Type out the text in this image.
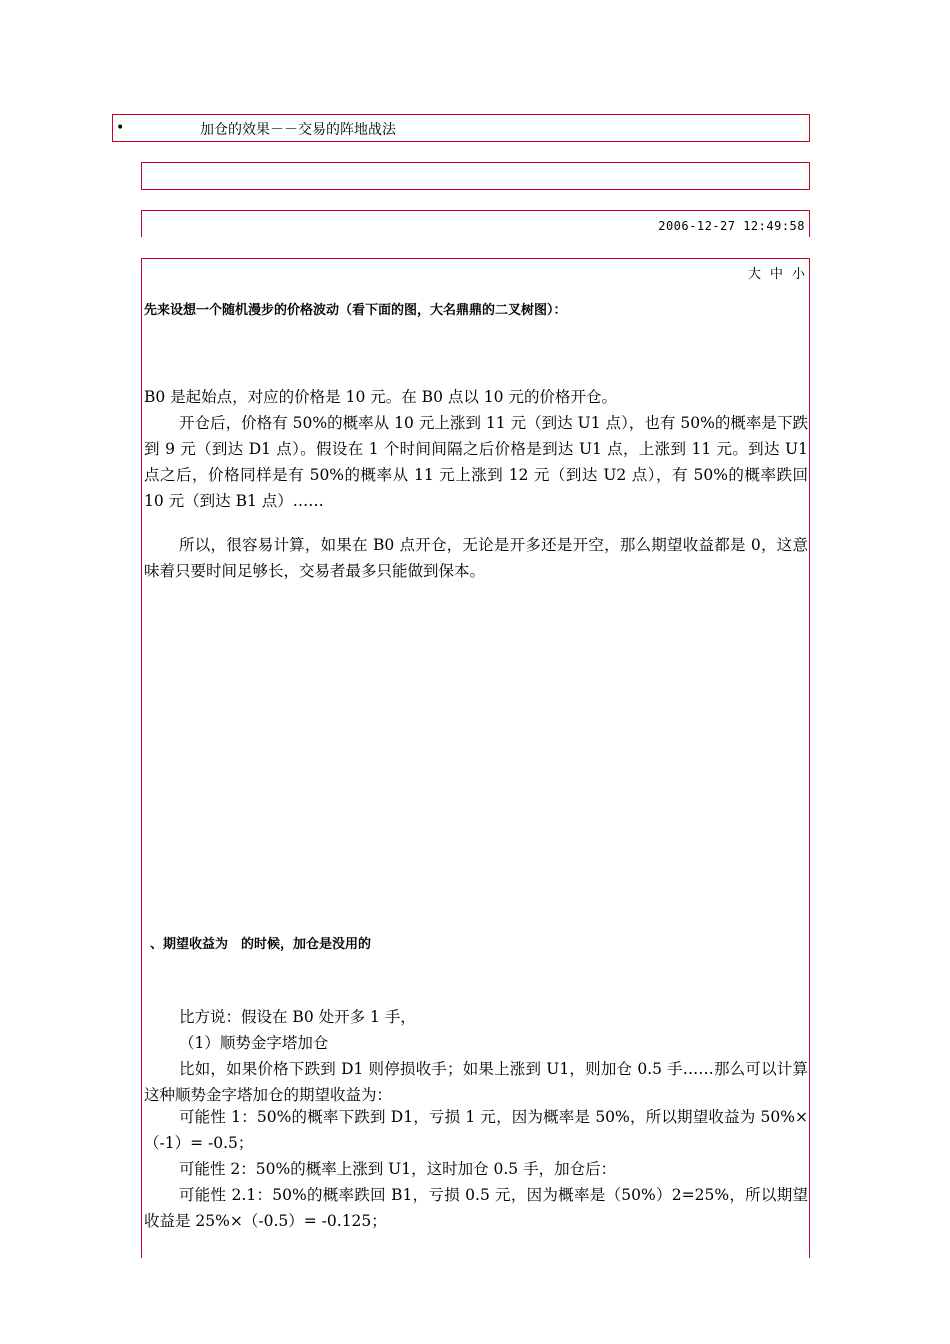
•	加仓的效果－－交易的阵地战法
2006-12-27 12:49:58
大 中 小
先来设想一个随机漫步的价格波动（看下面的图，大名鼎鼎的二叉树图）：

B0 是起始点，对应的价格是 10 元。在 B0 点以 10 元的价格开仓。

开仓后，价格有 50%的概率从 10 元上涨到 11 元（到达 U1 点），也有 50%的概率是下跌到 9 元（到达 D1 点）。假设在 1 个时间间隔之后价格是到达 U1 点，上涨到 11 元。到达 U1 点之后，价格同样是有 50%的概率从 11 元上涨到 12 元（到达 U2 点），有 50%的概率跌回 10 元（到达 B1 点）……

所以，很容易计算，如果在 B0 点开仓，无论是开多还是开空，那么期望收益都是 0，这意味着只要时间足够长，交易者最多只能做到保本。

、期望收益为　的时候，加仓是没用的

比方说：假设在 B0 处开多 1 手，

（1）顺势金字塔加仓

比如，如果价格下跌到 D1 则停损收手；如果上涨到 U1，则加仓 0.5 手……那么可以计算这种顺势金字塔加仓的期望收益为：

可能性 1：50%的概率下跌到 D1，亏损 1 元，因为概率是 50%，所以期望收益为 50%×（-1）= -0.5；

可能性 2：50%的概率上涨到 U1，这时加仓 0.5 手，加仓后：

可能性 2.1：50%的概率跌回 B1，亏损 0.5 元，因为概率是（50%）2=25%，所以期望收益是 25%×（-0.5）= -0.125；
